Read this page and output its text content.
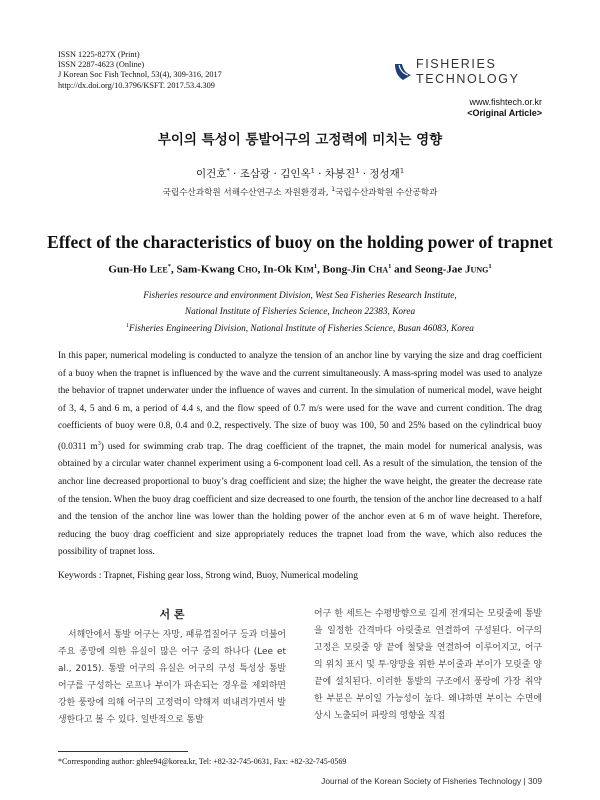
ISSN 1225-827X (Print)
ISSN 2287-4623 (Online)
J Korean Soc Fish Technol, 53(4), 309-316, 2017
http://dx.doi.org/10.3796/KSFT. 2017.53.4.309
FISHERIES
TECHNOLOGY
www.fishtech.or.kr
<Original Article>
부이의 특성이 통발어구의 고정력에 미치는 영향
이건호* · 조삼광 · 김인옥$^1$ · 차봉진$^1$ · 정성재$^1$
국립수산과학원 서해수산연구소 자원환경과, $^1$국립수산과학원 수산공학과
Effect of the characteristics of buoy on the holding power of trapnet
Gun-Ho Lee*, Sam-Kwang Cho, In-Ok Kim$^1$, Bong-Jin Cha$^1$ and Seong-Jae Jung$^1$
Fisheries resource and environment Division, West Sea Fisheries Research Institute,
National Institute of Fisheries Science, Incheon 22383, Korea
$^1$Fisheries Engineering Division, National Institute of Fisheries Science, Busan 46083, Korea

In this paper, numerical modeling is conducted to analyze the tension of an anchor line by varying the size and drag coefficient of a buoy when the trapnet is influenced by the wave and the current simultaneously. A mass-spring model was used to analyze the behavior of trapnet underwater under the influence of waves and current. In the simulation of numerical model, wave height of 3, 4, 5 and 6 m, a period of 4.4 s, and the flow speed of 0.7 m/s were used for the wave and current condition. The drag coefficients of buoy were 0.8, 0.4 and 0.2, respectively. The size of buoy was 100, 50 and 25% based on the cylindrical buoy (0.0311 $m^3$) used for swimming crab trap. The drag coefficient of the trapnet, the main model for numerical analysis, was obtained by a circular water channel experiment using a 6-component load cell. As a result of the simulation, the tension of the anchor line decreased proportional to buoy’s drag coefficient and size; the higher the wave height, the greater the decrease rate of the tension. When the buoy drag coefficient and size decreased to one fourth, the tension of the anchor line decreased to a half and the tension of the anchor line was lower than the holding power of the anchor even at 6 m of wave height. Therefore, reducing the buoy drag coefficient and size appropriately reduces the trapnet load from the wave, which also reduces the possibility of trapnet loss.

Keywords : Trapnet, Fishing gear loss, Strong wind, Buoy, Numerical modeling
서 론

서해안에서 통발 어구는 자망, 패류껍질어구 등과 더불어 주요 종망에 의한 유실이 많은 어구 중의 하나다 (Lee et al., 2015). 통발 어구의 유실은 어구의 구성 특성상 통발 어구를 구성하는 로프나 부이가 파손되는 경우를 제외하면 강한 풍랑에 의해 어구의 고정력이 약해져 떠내려가면서 발생한다고 볼 수 있다. 일반적으로 통발

어구 한 세트는 수평방향으로 길게 전개되는 모릿줄에 통발을 일정한 간격마다 아릿줄로 연결하여 구성된다. 어구의 고정은 모릿줄 양 끝에 철닻을 연결하여 이루어지고, 어구의 위치 표시 및 투·양망을 위한 부이줄과 부이가 모릿줄 양 끝에 설치된다. 이러한 통발의 구조에서 풍랑에 가장 취약한 부분은 부이일 가능성이 높다. 왜냐하면 부이는 수면에 상시 노출되어 파랑의 영향을 직접

*Corresponding author: ghlee94@korea.kr, Tel: +82-32-745-0631, Fax: +82-32-745-0569
Journal of the Korean Society of Fisheries Technology | 309
